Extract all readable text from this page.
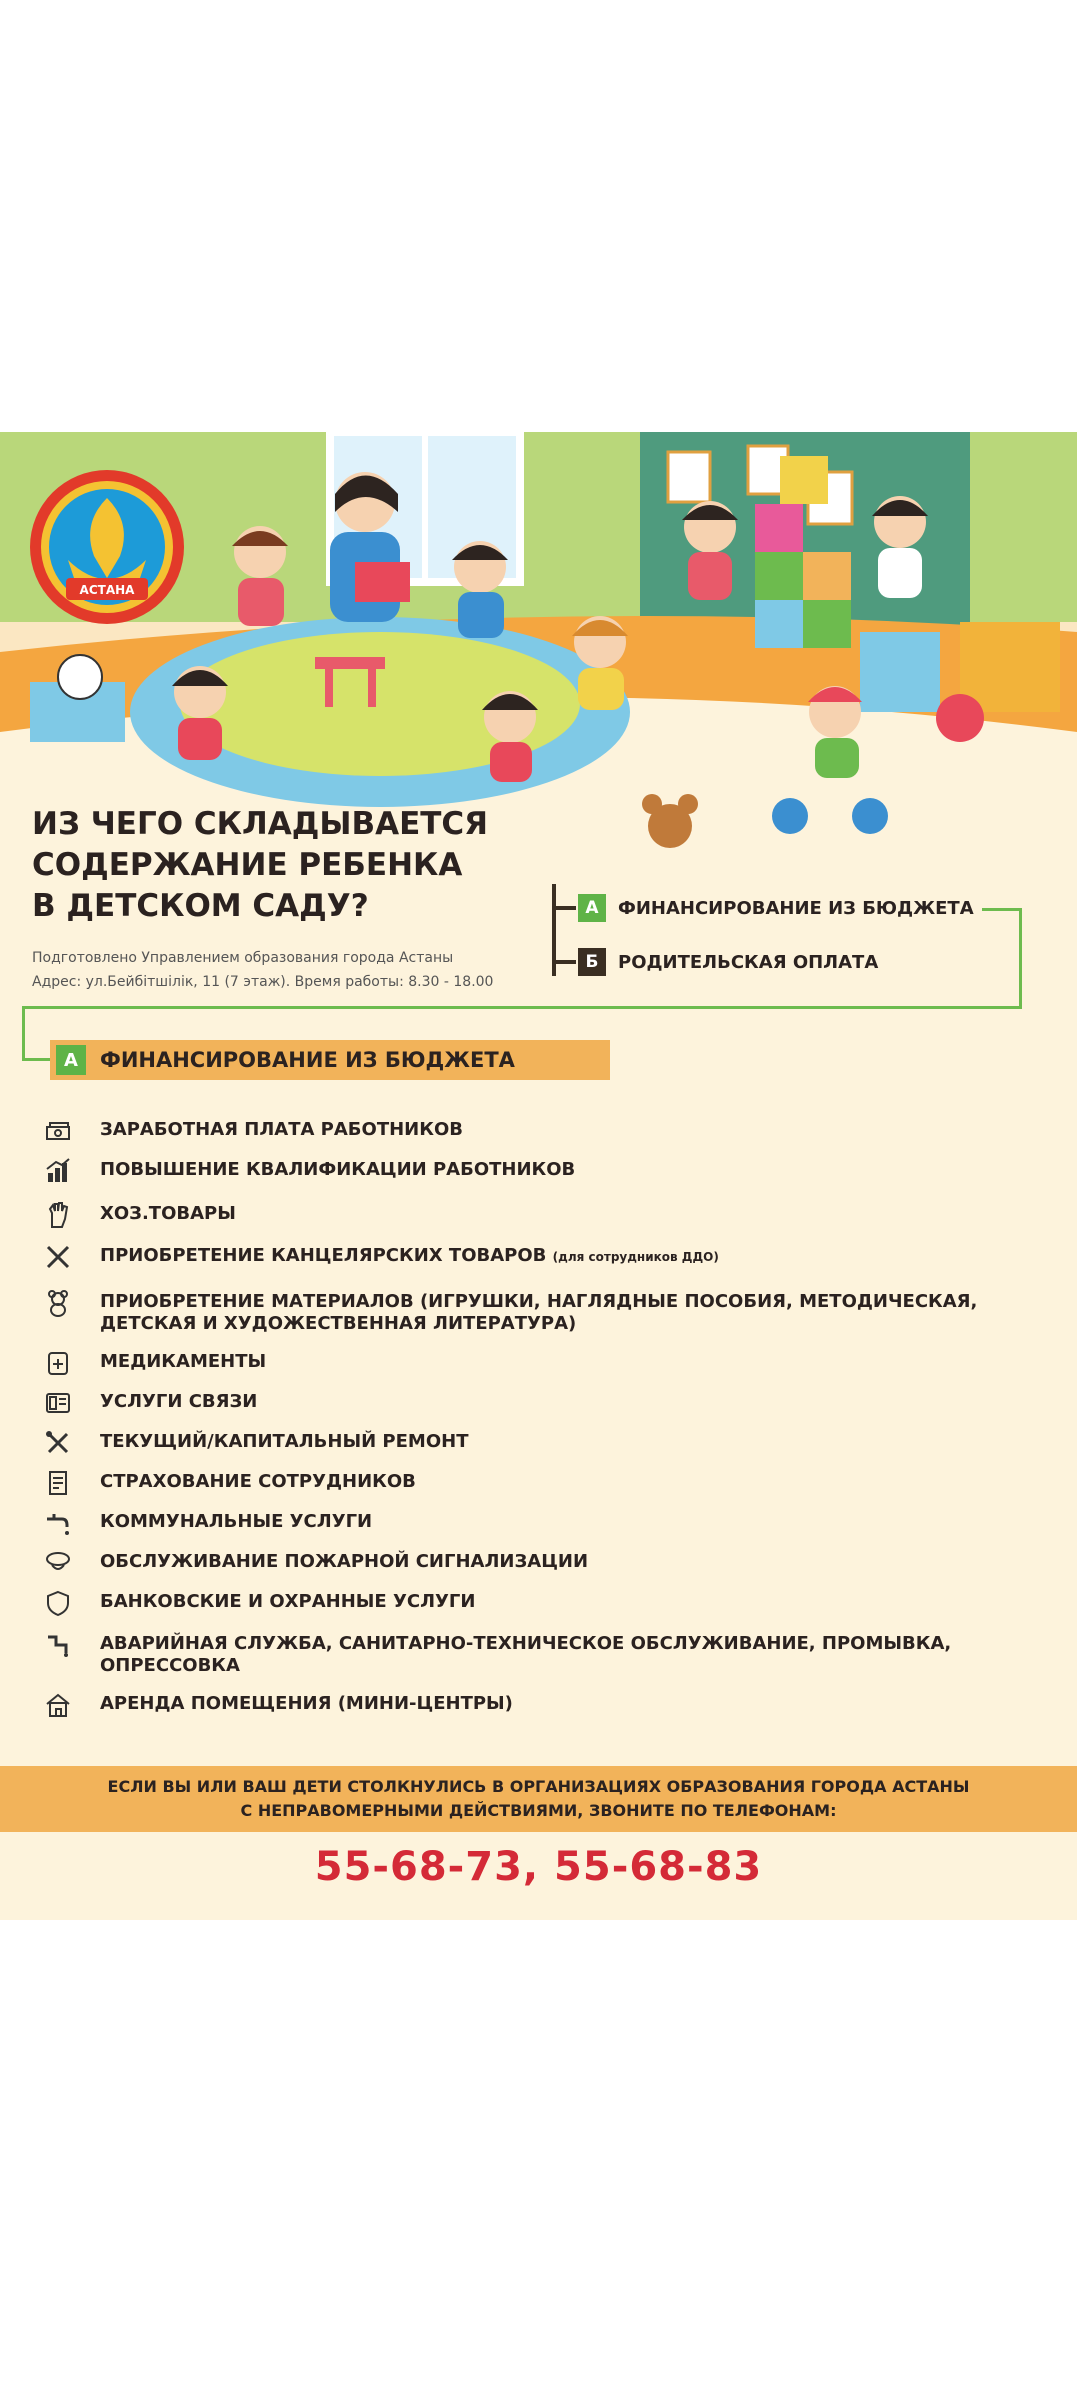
АСТАНА
ИЗ ЧЕГО СКЛАДЫВАЕТСЯ
СОДЕРЖАНИЕ РЕБЕНКА
В ДЕТСКОМ САДУ?
Подготовлено Управлением образования города Астаны
Адрес: ул.Бейбітшілік, 11 (7 этаж). Время работы: 8.30 - 18.00
А	ФИНАНСИРОВАНИЕ ИЗ БЮДЖЕТА
Б	РОДИТЕЛЬСКАЯ ОПЛАТА
А	ФИНАНСИРОВАНИЕ ИЗ БЮДЖЕТА
ЗАРАБОТНАЯ ПЛАТА РАБОТНИКОВ
ПОВЫШЕНИЕ КВАЛИФИКАЦИИ РАБОТНИКОВ
ХОЗ.ТОВАРЫ
ПРИОБРЕТЕНИЕ КАНЦЕЛЯРСКИХ ТОВАРОВ (для сотрудников ДДО)
ПРИОБРЕТЕНИЕ МАТЕРИАЛОВ (ИГРУШКИ, НАГЛЯДНЫЕ ПОСОБИЯ, МЕТОДИЧЕСКАЯ,
ДЕТСКАЯ И ХУДОЖЕСТВЕННАЯ ЛИТЕРАТУРА)
МЕДИКАМЕНТЫ
УСЛУГИ СВЯЗИ
ТЕКУЩИЙ/КАПИТАЛЬНЫЙ РЕМОНТ
СТРАХОВАНИЕ СОТРУДНИКОВ
КОММУНАЛЬНЫЕ УСЛУГИ
ОБСЛУЖИВАНИЕ ПОЖАРНОЙ СИГНАЛИЗАЦИИ
БАНКОВСКИЕ И ОХРАННЫЕ УСЛУГИ
АВАРИЙНАЯ СЛУЖБА, САНИТАРНО-ТЕХНИЧЕСКОЕ ОБСЛУЖИВАНИЕ, ПРОМЫВКА,
ОПРЕССОВКА
АРЕНДА ПОМЕЩЕНИЯ (МИНИ-ЦЕНТРЫ)
ЕСЛИ ВЫ ИЛИ ВАШ ДЕТИ СТОЛКНУЛИСЬ В ОРГАНИЗАЦИЯХ ОБРАЗОВАНИЯ ГОРОДА АСТАНЫ
С НЕПРАВОМЕРНЫМИ ДЕЙСТВИЯМИ, ЗВОНИТЕ ПО ТЕЛЕФОНАМ:
55-68-73, 55-68-83
